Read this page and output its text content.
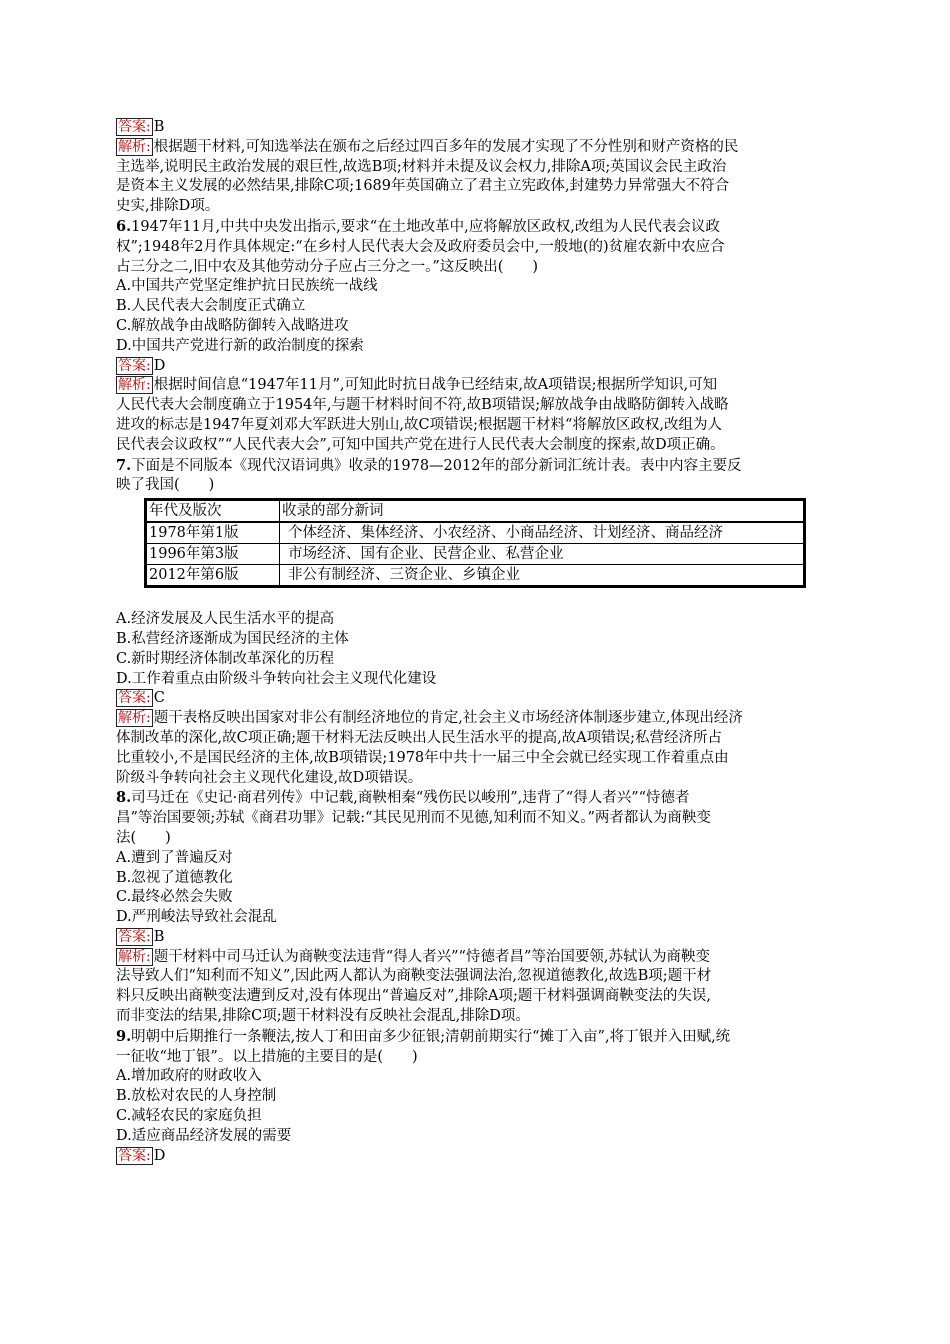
答案: B
解析: 根据题干材料,可知选举法在颁布之后经过四百多年的发展才实现了不分性别和财产资格的民
主选举,说明民主政治发展的艰巨性,故选B项;材料并未提及议会权力,排除A项;英国议会民主政治
是资本主义发展的必然结果,排除C项;1689年英国确立了君主立宪政体,封建势力异常强大不符合
史实,排除D项。
6.1947年11月,中共中央发出指示,要求“在土地改革中,应将解放区政权,改组为人民代表会议政
权”;1948年2月作具体规定:“在乡村人民代表大会及政府委员会中,一般地(的)贫雇农新中农应合
占三分之二,旧中农及其他劳动分子应占三分之一。”这反映出(　　)
A.中国共产党坚定维护抗日民族统一战线
B.人民代表大会制度正式确立
C.解放战争由战略防御转入战略进攻
D.中国共产党进行新的政治制度的探索
答案: D
解析: 根据时间信息“1947年11月”,可知此时抗日战争已经结束,故A项错误;根据所学知识,可知
人民代表大会制度确立于1954年,与题干材料时间不符,故B项错误;解放战争由战略防御转入战略
进攻的标志是1947年夏刘邓大军跃进大别山,故C项错误;根据题干材料“将解放区政权,改组为人
民代表会议政权”“人民代表大会”,可知中国共产党在进行人民代表大会制度的探索,故D项正确。
7.下面是不同版本《现代汉语词典》收录的1978—2012年的部分新词汇统计表。表中内容主要反
映了我国(　　)
年代及版次	收录的部分新词
1978年第1版	个体经济、集体经济、小农经济、小商品经济、计划经济、商品经济
1996年第3版	市场经济、国有企业、民营企业、私营企业
2012年第6版	非公有制经济、三资企业、乡镇企业
A.经济发展及人民生活水平的提高
B.私营经济逐渐成为国民经济的主体
C.新时期经济体制改革深化的历程
D.工作着重点由阶级斗争转向社会主义现代化建设
答案: C
解析: 题干表格反映出国家对非公有制经济地位的肯定,社会主义市场经济体制逐步建立,体现出经济
体制改革的深化,故C项正确;题干材料无法反映出人民生活水平的提高,故A项错误;私营经济所占
比重较小,不是国民经济的主体,故B项错误;1978年中共十一届三中全会就已经实现工作着重点由
阶级斗争转向社会主义现代化建设,故D项错误。
8.司马迁在《史记·商君列传》中记载,商鞅相秦“残伤民以峻刑”,违背了“得人者兴”“恃德者
昌”等治国要领;苏轼《商君功罪》记载:“其民见刑而不见德,知利而不知义。”两者都认为商鞅变
法(　　)
A.遭到了普遍反对
B.忽视了道德教化
C.最终必然会失败
D.严刑峻法导致社会混乱
答案: B
解析: 题干材料中司马迁认为商鞅变法违背“得人者兴”“恃德者昌”等治国要领,苏轼认为商鞅变
法导致人们“知利而不知义”,因此两人都认为商鞅变法强调法治,忽视道德教化,故选B项;题干材
料只反映出商鞅变法遭到反对,没有体现出“普遍反对”,排除A项;题干材料强调商鞅变法的失误,
而非变法的结果,排除C项;题干材料没有反映社会混乱,排除D项。
9.明朝中后期推行一条鞭法,按人丁和田亩多少征银;清朝前期实行“摊丁入亩”,将丁银并入田赋,统
一征收“地丁银”。以上措施的主要目的是(　　)
A.增加政府的财政收入
B.放松对农民的人身控制
C.减轻农民的家庭负担
D.适应商品经济发展的需要
答案: D
